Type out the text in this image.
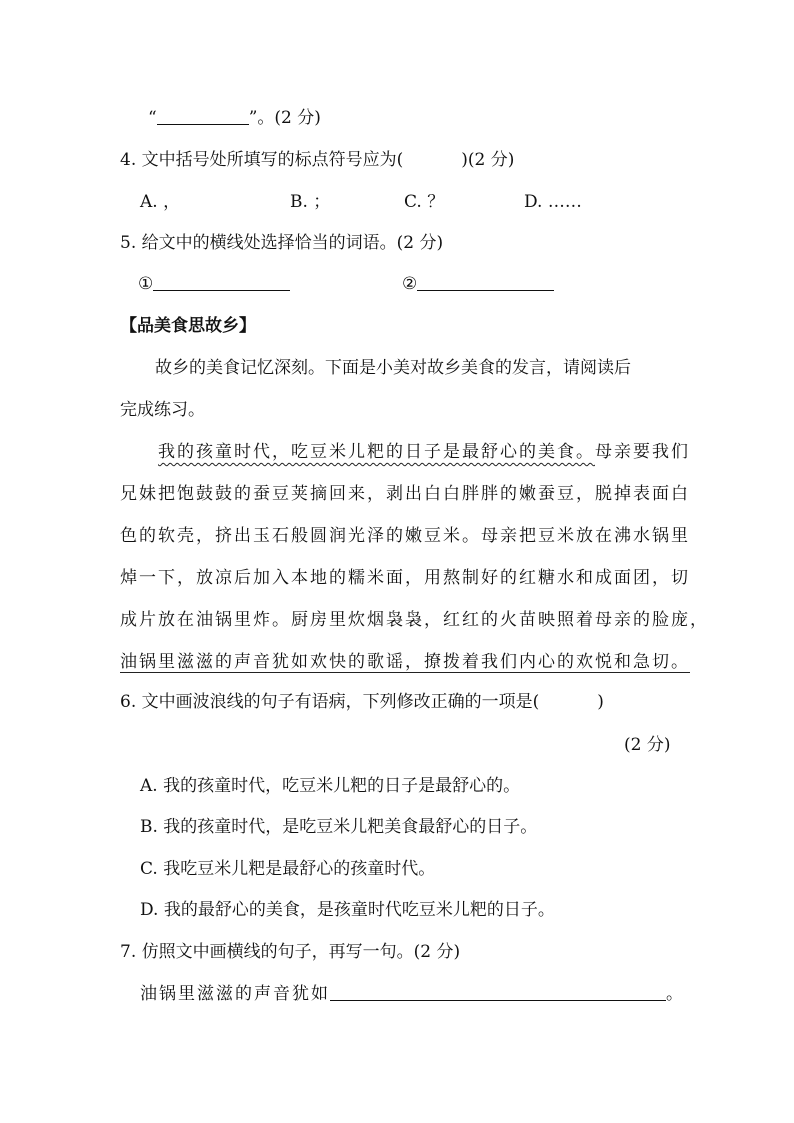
“	”。(2 分)
4. 文中括号处所填写的标点符号应为(	)(2 分)
A. ，	B. ；	C. ？	D. ……
5. 给文中的横线处选择恰当的词语。(2 分)
①	②
【品美食思故乡】
故乡的美食记忆深刻。下面是小美对故乡美食的发言，请阅读后
完成练习。
我的孩童时代，吃豆米儿粑的日子是最舒心的美食。母亲要我们
兄妹把饱鼓鼓的蚕豆荚摘回来，剥出白白胖胖的嫩蚕豆，脱掉表面白
色的软壳，挤出玉石般圆润光泽的嫩豆米。母亲把豆米放在沸水锅里
焯一下，放凉后加入本地的糯米面，用熬制好的红糖水和成面团，切
成片放在油锅里炸。厨房里炊烟袅袅，红红的火苗映照着母亲的脸庞，
油锅里滋滋的声音犹如欢快的歌谣，撩拨着我们内心的欢悦和急切。
6. 文中画波浪线的句子有语病，下列修改正确的一项是(	)
(2 分)
A. 我的孩童时代，吃豆米儿粑的日子是最舒心的。
B. 我的孩童时代，是吃豆米儿粑美食最舒心的日子。
C. 我吃豆米儿粑是最舒心的孩童时代。
D. 我的最舒心的美食，是孩童时代吃豆米儿粑的日子。
7. 仿照文中画横线的句子，再写一句。(2 分)
油锅里滋滋的声音犹如	。
